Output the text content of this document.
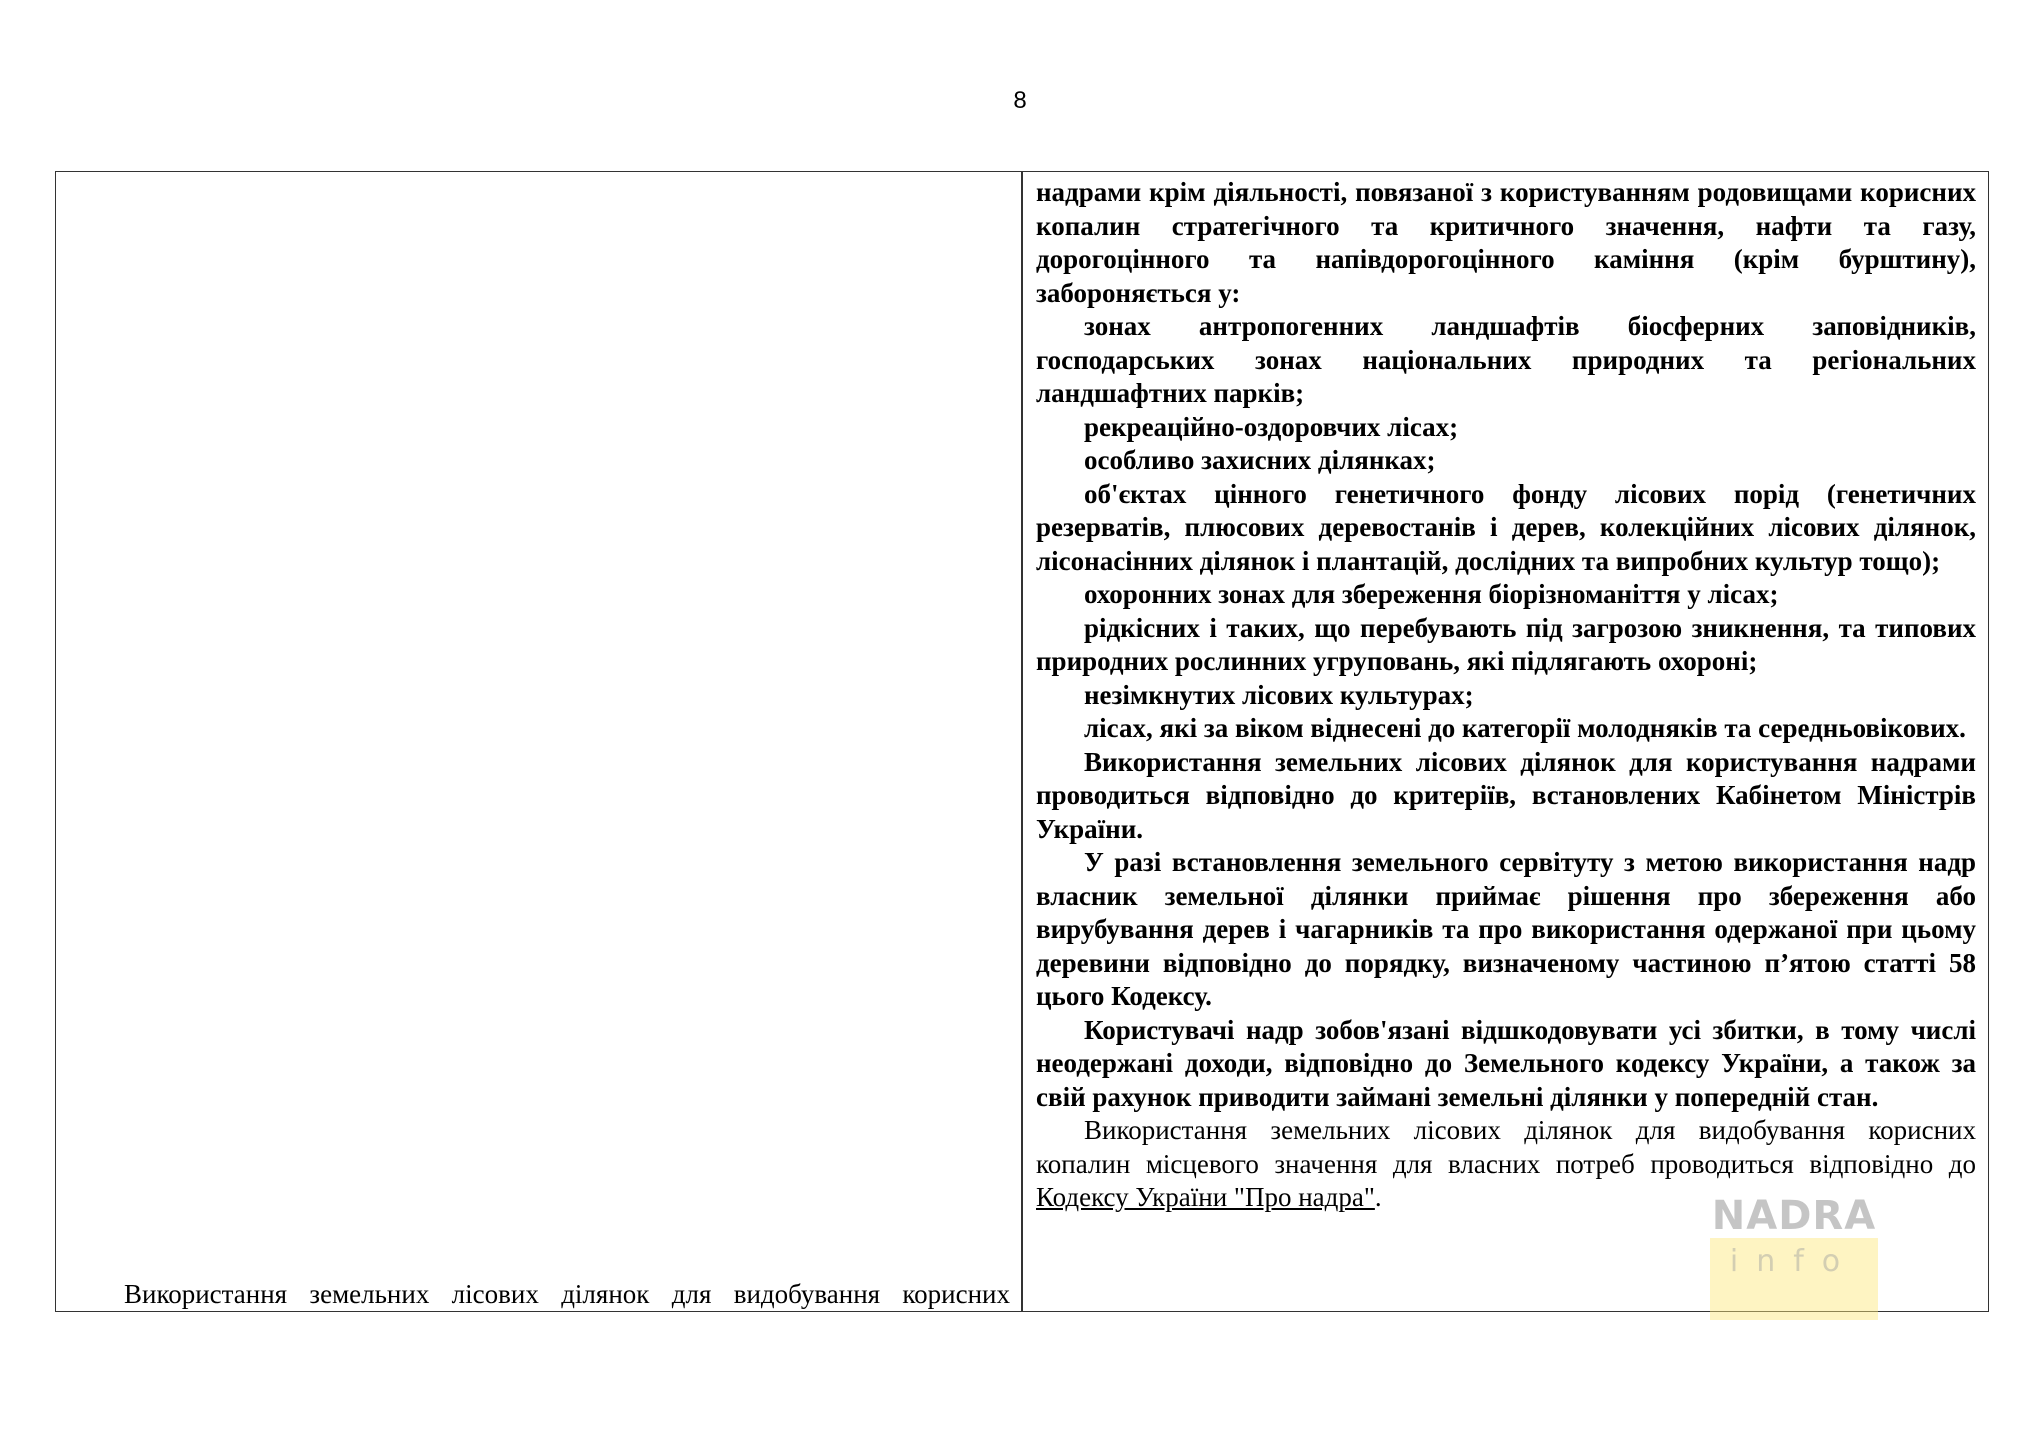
8

Використання земельних лісових ділянок для видобування корисних

надрами крім діяльності, повязаної з користуванням родовищами корисних копалин стратегічного та критичного значення, нафти та газу, дорогоцінного та напівдорогоцінного каміння (крім бурштину), забороняється у:

зонах антропогенних ландшафтів біосферних заповідників, господарських зонах національних природних та регіональних ландшафтних парків;

рекреаційно-оздоровчих лісах;

особливо захисних ділянках;

об'єктах цінного генетичного фонду лісових порід (генетичних резерватів, плюсових деревостанів і дерев, колекційних лісових ділянок, лісонасінних ділянок і плантацій, дослідних та випробних культур тощо);

охоронних зонах для збереження біорізноманіття у лісах;

рідкісних і таких, що перебувають під загрозою зникнення, та типових природних рослинних угруповань, які підлягають охороні;

незімкнутих лісових культурах;

лісах, які за віком віднесені до категорії молодняків та середньовікових.

Використання земельних лісових ділянок для користування надрами проводиться відповідно до критеріїв, встановлених Кабінетом Міністрів України.

У разі встановлення земельного сервітуту з метою використання надр власник земельної ділянки приймає рішення про збереження або вирубування дерев і чагарників та про використання одержаної при цьому деревини відповідно до порядку, визначеному частиною п’ятою статті 58 цього Кодексу.

Користувачі надр зобов'язані відшкодовувати усі збитки, в тому числі неодержані доходи, відповідно до Земельного кодексу України, а також за свій рахунок приводити займані земельні ділянки у попередній стан.

Використання земельних лісових ділянок для видобування корисних копалин місцевого значення для власних потреб проводиться відповідно до Кодексу України "Про надра".	NADRA
info
